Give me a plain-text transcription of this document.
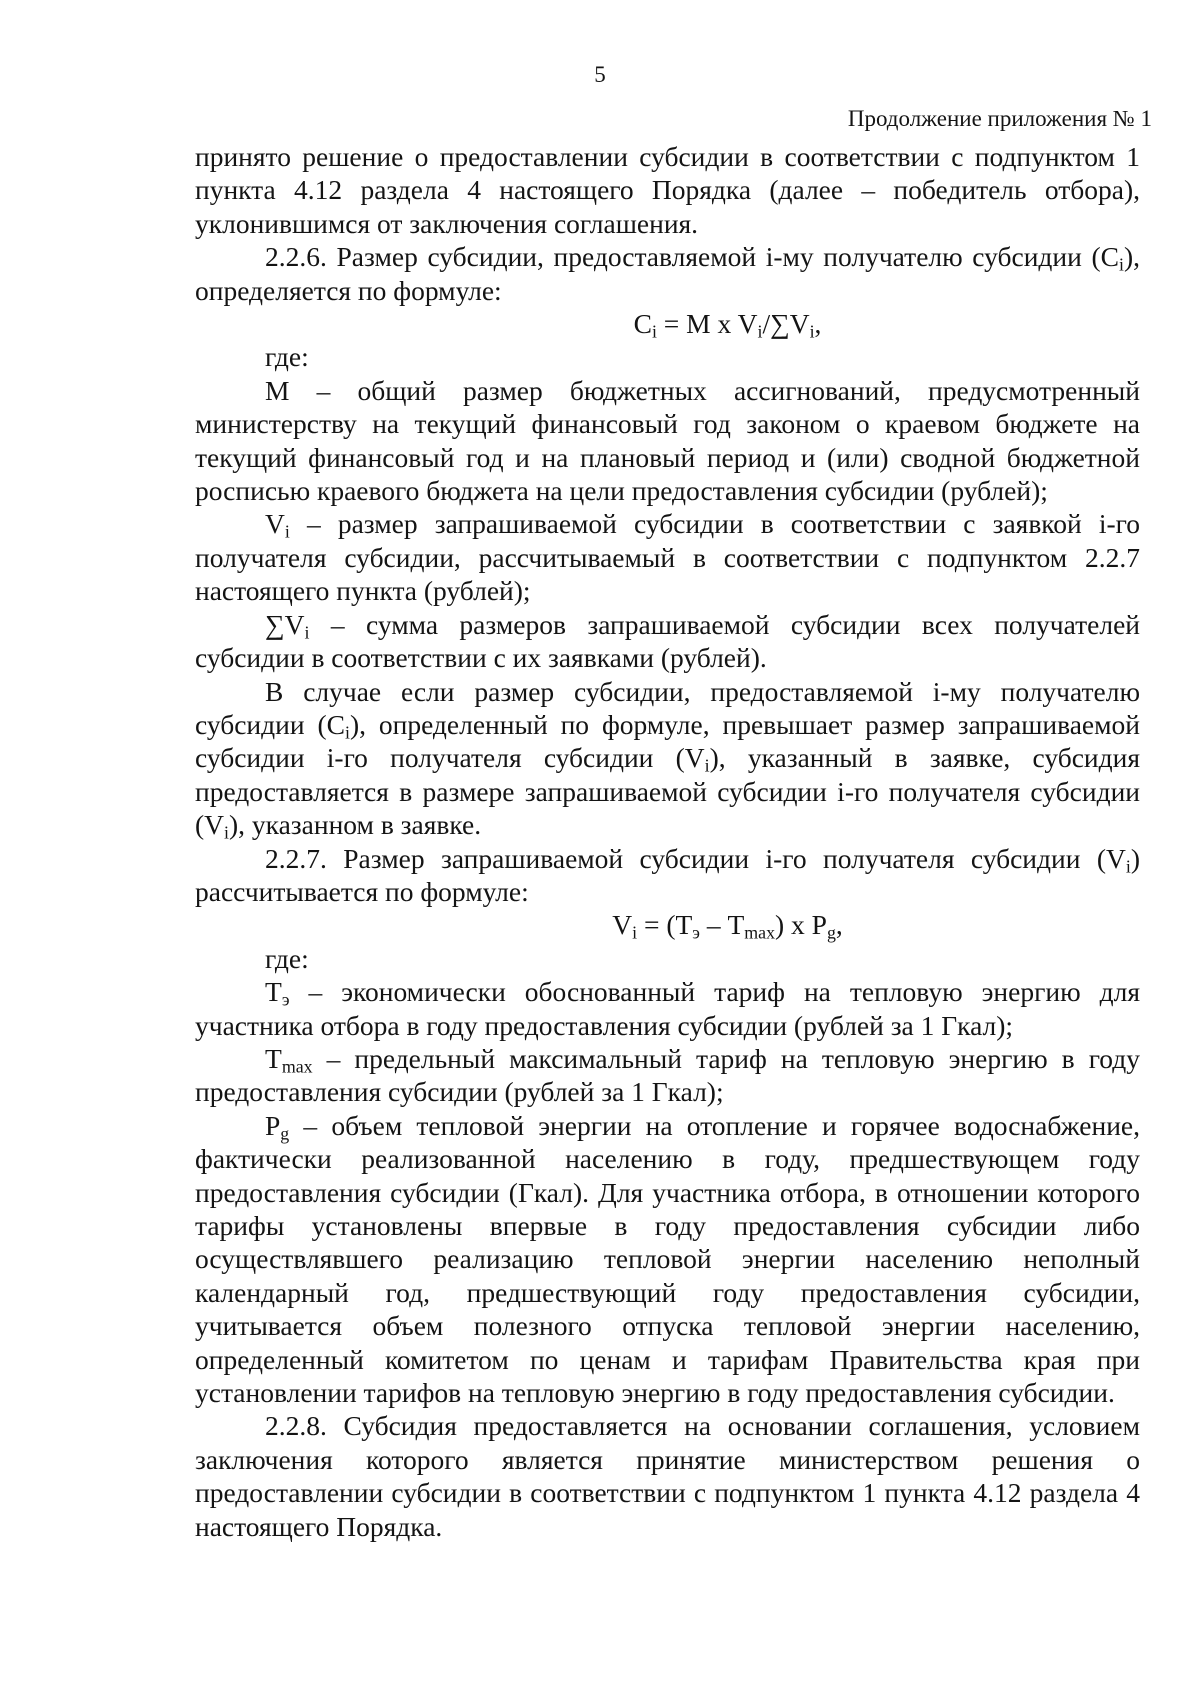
5
Продолжение приложения № 1

принято решение о предоставлении субсидии в соответствии с подпунктом 1 пункта 4.12 раздела 4 настоящего Порядка (далее – победитель отбора), уклонившимся от заключения соглашения.

2.2.6. Размер субсидии, предоставляемой i-му получателю субсидии $(C_i)$, определяется по формуле:

$C_i = M$ x $V_i/\sum V_i$,

где:

М – общий размер бюджетных ассигнований, предусмотренный министерству на текущий финансовый год законом о краевом бюджете на текущий финансовый год и на плановый период и (или) сводной бюджетной росписью краевого бюджета на цели предоставления субсидии (рублей);

$V_i$ – размер запрашиваемой субсидии в соответствии с заявкой i-го получателя субсидии, рассчитываемый в соответствии с подпунктом 2.2.7 настоящего пункта (рублей);

$\sum V_i$ – сумма размеров запрашиваемой субсидии всех получателей субсидии в соответствии с их заявками (рублей).

В случае если размер субсидии, предоставляемой i-му получателю субсидии $(C_i)$, определенный по формуле, превышает размер запрашиваемой субсидии i-го получателя субсидии $(V_i)$, указанный в заявке, субсидия предоставляется в размере запрашиваемой субсидии i-го получателя субсидии $(V_i)$, указанном в заявке.

2.2.7. Размер запрашиваемой субсидии i-го получателя субсидии $(V_i)$ рассчитывается по формуле:

$V_i = (T_э - T_{max})$ x $P_g$,

где:

$T_э$ – экономически обоснованный тариф на тепловую энергию для участника отбора в году предоставления субсидии (рублей за 1 Гкал);

$T_{max}$ – предельный максимальный тариф на тепловую энергию в году предоставления субсидии (рублей за 1 Гкал);

$P_g$ – объем тепловой энергии на отопление и горячее водоснабжение, фактически реализованной населению в году, предшествующем году предоставления субсидии (Гкал). Для участника отбора, в отношении которого тарифы установлены впервые в году предоставления субсидии либо осуществлявшего реализацию тепловой энергии населению неполный календарный год, предшествующий году предоставления субсидии, учитывается объем полезного отпуска тепловой энергии населению, определенный комитетом по ценам и тарифам Правительства края при установлении тарифов на тепловую энергию в году предоставления субсидии.

2.2.8. Субсидия предоставляется на основании соглашения, условием заключения которого является принятие министерством решения о предоставлении субсидии в соответствии с подпунктом 1 пункта 4.12 раздела 4 настоящего Порядка.
